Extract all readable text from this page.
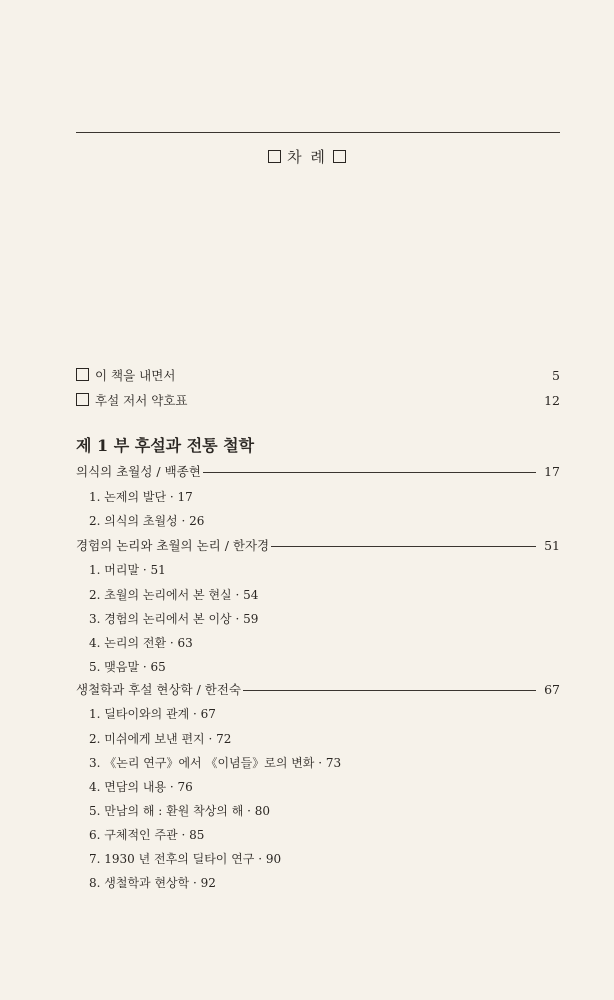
차 례
이 책을 내면서	5
후설 저서 약호표	12
제 1 부 후설과 전통 철학
의식의 초월성 / 백종현	17
1. 논제의 발단 · 17
2. 의식의 초월성 · 26
경험의 논리와 초월의 논리 / 한자경	51
1. 머리말 · 51
2. 초월의 논리에서 본 현실 · 54
3. 경험의 논리에서 본 이상 · 59
4. 논리의 전환 · 63
5. 맺음말 · 65
생철학과 후설 현상학 / 한전숙	67
1. 딜타이와의 관계 · 67
2. 미쉬에게 보낸 편지 · 72
3. 《논리 연구》에서 《이념들》로의 변화 · 73
4. 면담의 내용 · 76
5. 만남의 해 : 환원 착상의 해 · 80
6. 구체적인 주관 · 85
7. 1930 년 전후의 딜타이 연구 · 90
8. 생철학과 현상학 · 92
